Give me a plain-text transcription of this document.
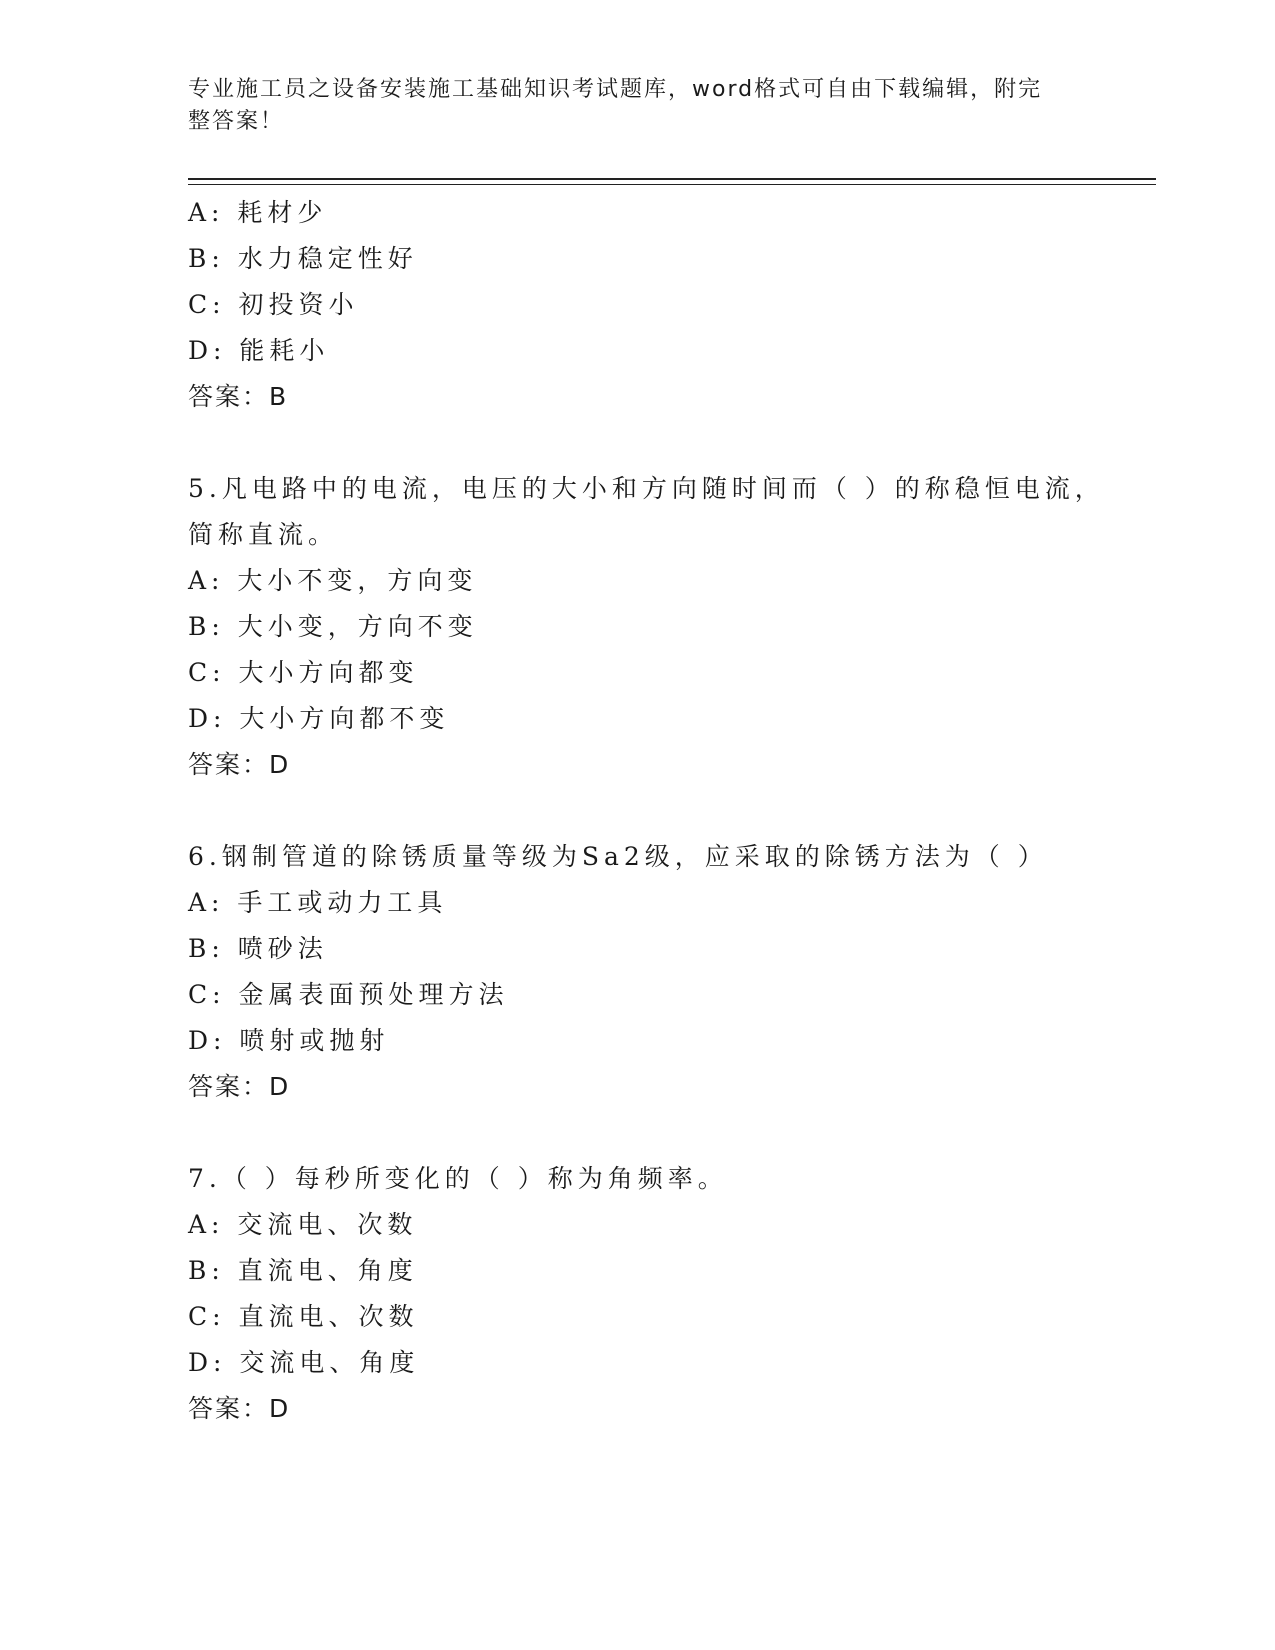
专业施工员之设备安装施工基础知识考试题库，word格式可自由下载编辑，附完
整答案！
A: 耗材少
B: 水力稳定性好
C: 初投资小
D: 能耗小
答案：B
5.凡电路中的电流，电压的大小和方向随时间而（ ）的称稳恒电流，
简称直流。
A: 大小不变，方向变
B: 大小变，方向不变
C: 大小方向都变
D: 大小方向都不变
答案：D
6.钢制管道的除锈质量等级为Sa2级，应采取的除锈方法为（ ）
A: 手工或动力工具
B: 喷砂法
C: 金属表面预处理方法
D: 喷射或抛射
答案：D
7.（ ）每秒所变化的（ ）称为角频率。
A: 交流电、次数
B: 直流电、角度
C: 直流电、次数
D: 交流电、角度
答案：D
